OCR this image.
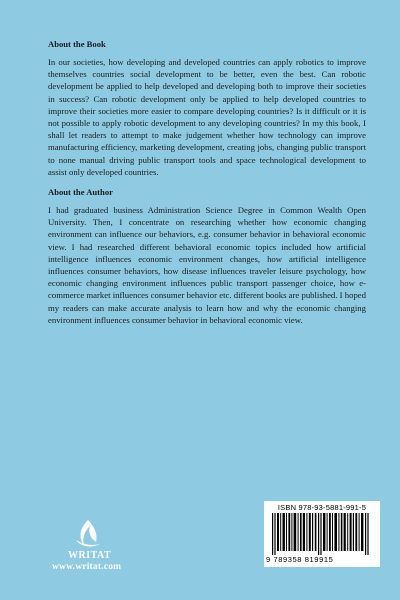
About the Book

In our societies, how developing and developed countries can apply robotics to improve themselves countries social development to be better, even the best. Can robotic development be applied to help developed and developing both to improve their societies in success? Can robotic development only be applied to help developed countries to improve their societies more easier to compare developing countries? Is it difficult or it is not possible to apply robotic development to any developing countries? In my this book, I shall let readers to attempt to make judgement whether how technology can improve manufacturing efficiency, marketing development, creating jobs, changing public transport to none manual driving public transport tools and space technological development to assist only developed countries.

About the Author

I had graduated business Administration Science Degree in Common Wealth Open University. Then, I concentrate on researching whether how economic changing environment can influence our behaviors, e.g. consumer behavior in behavioral economic view. I had researched different behavioral economic topics included how artificial intelligence influences economic environment changes, how artificial intelligence influences consumer behaviors, how disease influences traveler leisure psychology, how economic changing environment influences public transport passenger choice, how e-commerce market influences consumer behavior etc. different books are published. I hoped my readers can make accurate analysis to learn how and why the economic changing environment influences consumer behavior in behavioral economic view.

WRITAT
www.writat.com
ISBN 978-93-5881-991-5
9 789358 819915
